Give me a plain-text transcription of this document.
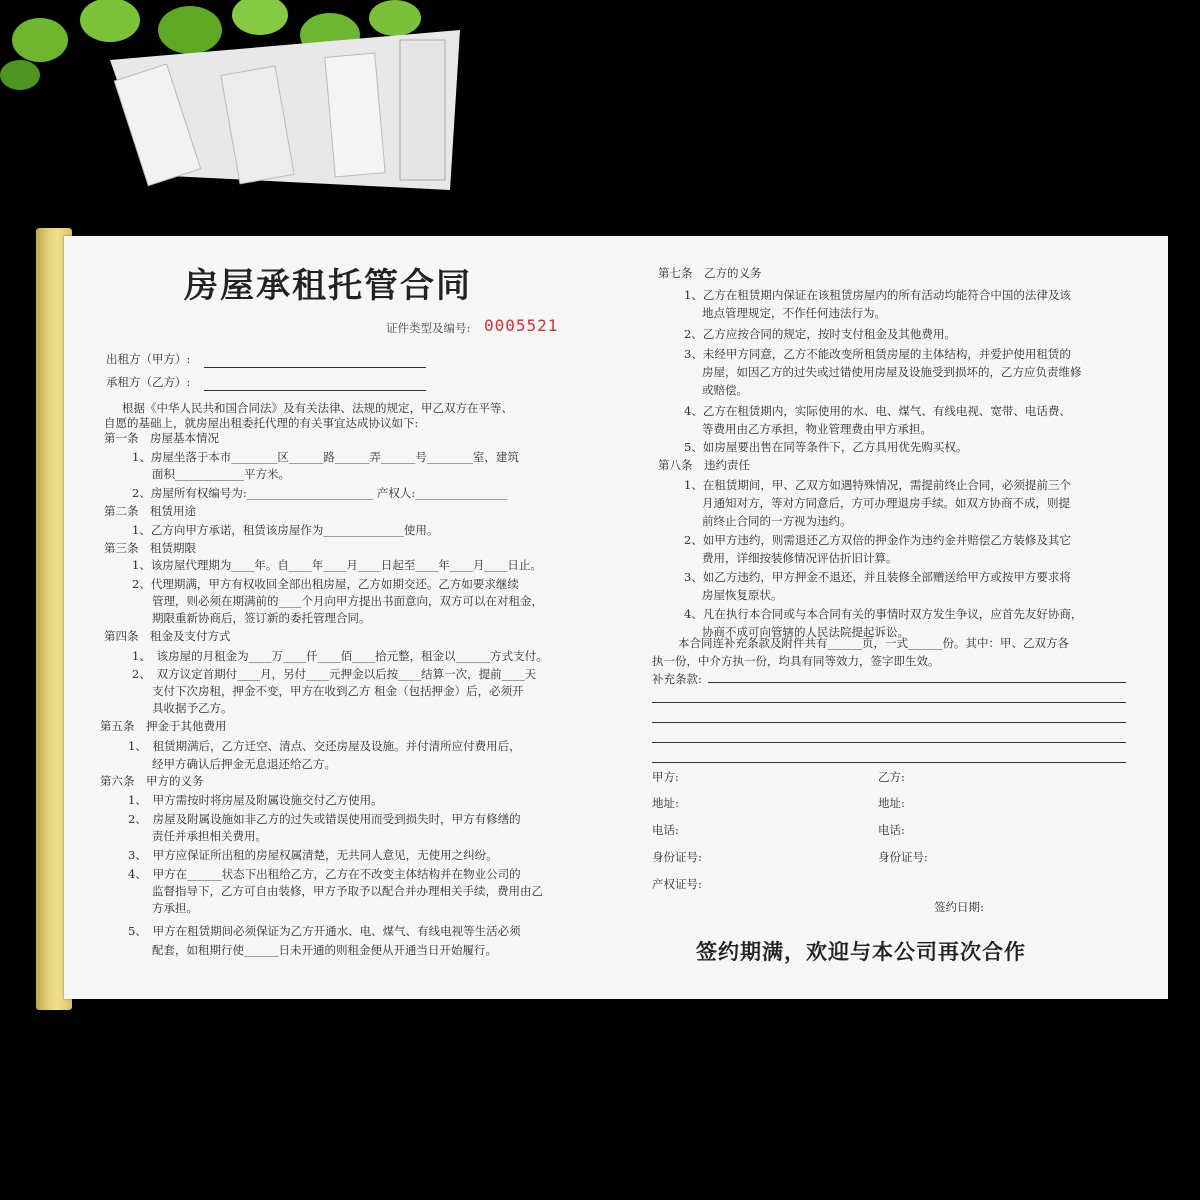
房屋承租托管合同
证件类型及编号: 0005521
出租方（甲方）:
承租方（乙方）:
根据《中华人民共和国合同法》及有关法律、法规的规定，甲乙双方在平等、
自愿的基础上，就房屋出租委托代理的有关事宜达成协议如下:
第一条　房屋基本情况
1、房屋坐落于本市________区______路______弄______号________室，建筑
面积____________平方米。
2、房屋所有权编号为:______________________ 产权人:________________
第二条　租赁用途
1、乙方向甲方承诺，租赁该房屋作为______________使用。
第三条　租赁期限
1、该房屋代理期为____年。自____年____月____日起至____年____月____日止。
2、代理期满，甲方有权收回全部出租房屋，乙方如期交还。乙方如要求继续
管理，则必须在期满前的____个月向甲方提出书面意向，双方可以在对租金，
期限重新协商后，签订新的委托管理合同。
第四条　租金及支付方式
1、　该房屋的月租金为____万____仟____佰____拾元整，租金以______方式支付。
2、　双方议定首期付____月，另付____元押金以后按____结算一次，提前____天
支付下次房租，押金不变，甲方在收到乙方 租金（包括押金）后，必须开
具收据予乙方。
第五条　押金于其他费用
1、　租赁期满后，乙方迁空、清点、交还房屋及设施。并付清所应付费用后，
经甲方确认后押金无息退还给乙方。
第六条　甲方的义务
1、　甲方需按时将房屋及附属设施交付乙方使用。
2、　房屋及附属设施如非乙方的过失或错误使用而受到损失时，甲方有修缮的
责任并承担相关费用。
3、　甲方应保证所出租的房屋权属清楚，无共同人意见，无使用之纠纷。
4、　甲方在______状态下出租给乙方，乙方在不改变主体结构并在物业公司的
监督指导下，乙方可自由装修，甲方予取予以配合并办理相关手续，费用由乙
方承担。
5、　甲方在租赁期间必须保证为乙方开通水、电、煤气、有线电视等生活必须
配套，如租期行使______日未开通的则租金便从开通当日开始履行。
第七条　乙方的义务
1、乙方在租赁期内保证在该租赁房屋内的所有活动均能符合中国的法律及该
地点管理规定，不作任何违法行为。
2、乙方应按合同的规定，按时支付租金及其他费用。
3、未经甲方同意，乙方不能改变所租赁房屋的主体结构，并爱护使用租赁的
房屋，如因乙方的过失或过错使用房屋及设施受到损坏的，乙方应负责维修
或赔偿。
4、乙方在租赁期内，实际使用的水、电、煤气、有线电视、宽带、电话费、
等费用由乙方承担，物业管理费由甲方承担。
5、如房屋要出售在同等条件下，乙方具用优先购买权。
第八条　违约责任
1、在租赁期间，甲、乙双方如遇特殊情况，需提前终止合同，必须提前三个
月通知对方，等对方同意后，方可办理退房手续。如双方协商不成，则提
前终止合同的一方视为违约。
2、如甲方违约，则需退还乙方双倍的押金作为违约金并赔偿乙方装修及其它
费用，详细按装修情况评估折旧计算。
3、如乙方违约，甲方押金不退还，并且装修全部赠送给甲方或按甲方要求将
房屋恢复原状。
4、凡在执行本合同或与本合同有关的事情时双方发生争议，应首先友好协商，
协商不成可向管辖的人民法院提起诉讼。
本合同连补充条款及附件共有______页，一式______份。其中：甲、乙双方各
执一份，中介方执一份，均具有同等效力，签字即生效。
补充条款:
甲方:	乙方:
地址:	地址:
电话:	电话:
身份证号:	身份证号:
产权证号:
签约日期:
签约期满，欢迎与本公司再次合作
